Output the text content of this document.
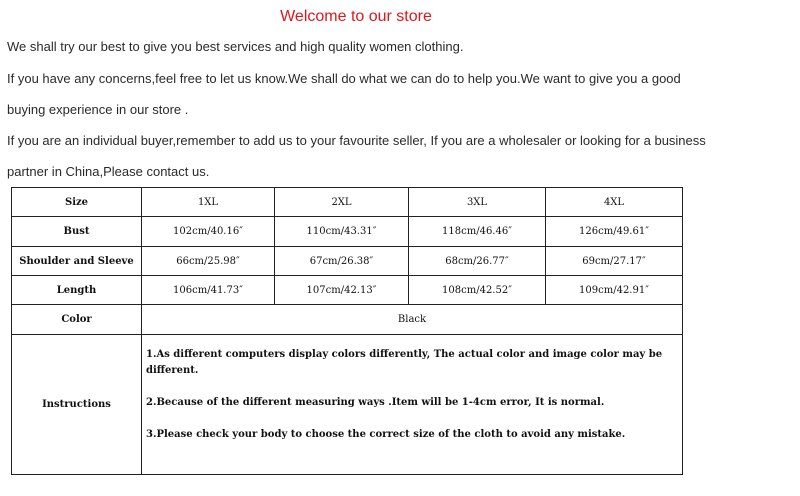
Welcome to our store
We shall try our best to give you best services and high quality women clothing.
If you have any concerns,feel free to let us know.We shall do what we can do to help you.We want to give you a good
buying experience in our store .
If you are an individual buyer,remember to add us to your favourite seller, If you are a wholesaler or looking for a business
partner in China,Please contact us.
Size	1XL	2XL	3XL	4XL
Bust	102cm/40.16″	110cm/43.31″	118cm/46.46″	126cm/49.61″
Shoulder and Sleeve	66cm/25.98″	67cm/26.38″	68cm/26.77″	69cm/27.17″
Length	106cm/41.73″	107cm/42.13″	108cm/42.52″	109cm/42.91″
Color	Black			
Instructions	1.As different computers display colors differently, The actual color and image color may be different.

2.Because of the different measuring ways .Item will be 1-4cm error, It is normal.

3.Please check your body to choose the correct size of the cloth to avoid any mistake.			
